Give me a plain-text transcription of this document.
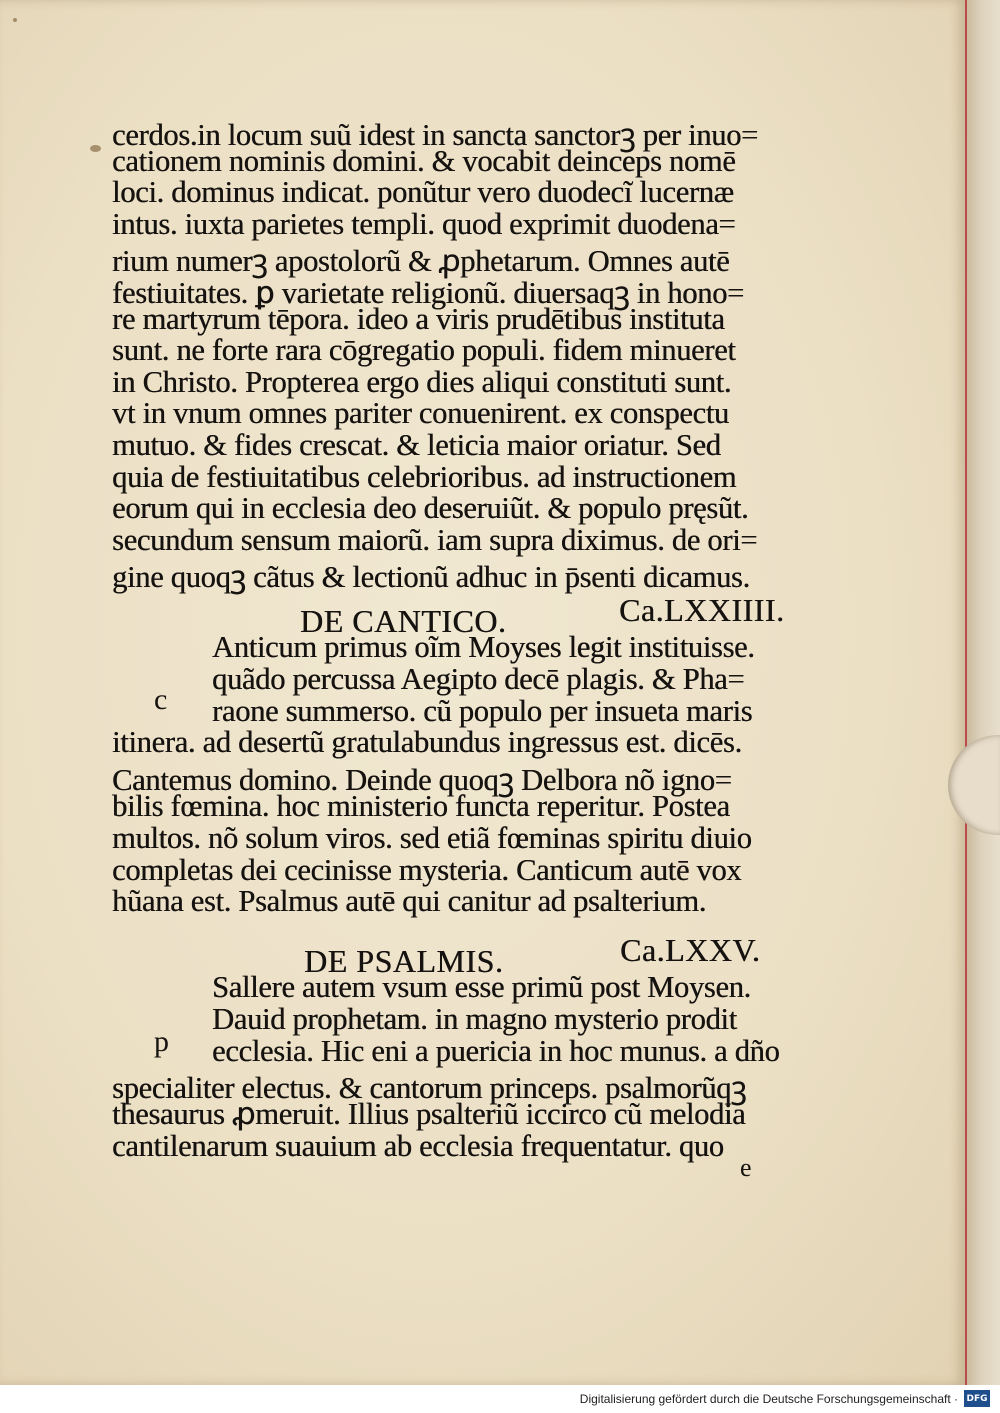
cerdos.in locum suũ idest in sancta sanctorꝫ per inuo=
cationem nominis domini. & vocabit deinceps nomē
loci. dominus indicat. ponũtur vero duodecĩ lucernæ
intus. iuxta parietes templi. quod exprimit duodena=
rium numerꝫ apostolorũ & ꝓphetarum. Omnes autē
festiuitates. ꝑ varietate religionũ. diuersaqꝫ in hono=
re martyrum tēpora. ideo a viris prudētibus instituta
sunt. ne forte rara cōgregatio populi. fidem minueret
in Christo. Propterea ergo dies aliqui constituti sunt.
vt in vnum omnes pariter conuenirent. ex conspectu
mutuo. & fides crescat. & leticia maior oriatur. Sed
quia de festiuitatibus celebrioribus. ad instructionem
eorum qui in ecclesia deo deseruiũt. & populo pręsũt.
secundum sensum maiorũ. iam supra diximus. de ori=
gine quoqꝫ cãtus & lectionũ adhuc in p̄senti dicamus.
DE CANTICO.	Ca.LXXIIII.
c
Anticum primus oĩm Moyses legit instituisse.
quãdo percussa Aegipto decē plagis. & Pha=
raone summerso. cũ populo per insueta maris
itinera. ad desertũ gratulabundus ingressus est. dicēs.
Cantemus domino. Deinde quoqꝫ Delbora nõ igno=
bilis fœmina. hoc ministerio functa reperitur. Postea
multos. nõ solum viros. sed etiã fœminas spiritu diuio
completas dei cecinisse mysteria. Canticum autē vox
hũana est. Psalmus autē qui canitur ad psalterium.
DE PSALMIS.	Ca.LXXV.
p
Sallere autem vsum esse primũ post Moysen.
Dauid prophetam. in magno mysterio prodit
ecclesia. Hic eni a puericia in hoc munus. a dño
specialiter electus. & cantorum princeps. psalmorũqꝫ
thesaurus ꝓmeruit. Illius psalteriũ iccirco cũ melodia
cantilenarum suauium ab ecclesia frequentatur. quo
e
Digitalisierung gefördert durch die Deutsche Forschungsgemeinschaft · DFG
